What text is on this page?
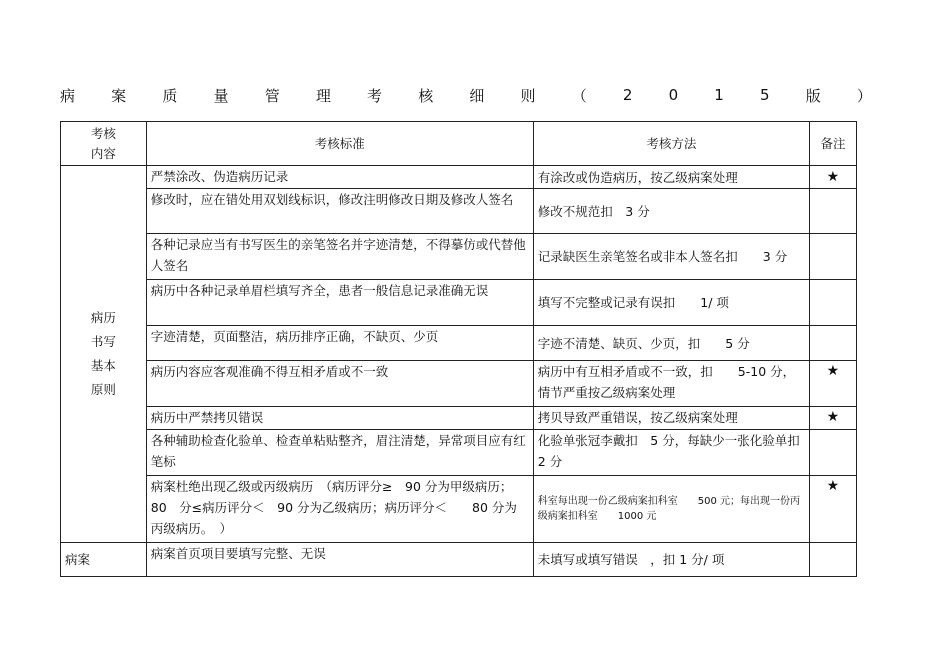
病 案 质 量 管 理 考 核 细 则 （ 2 0 1 5 版 ）
考核
内容	考核标准	考核方法	备注
病历
书写
基本
原则	严禁涂改、伪造病历记录	有涂改或伪造病历，按乙级病案处理	★
	修改时，应在错处用双划线标识，修改注明修改日期及修改人签名	修改不规范扣　3 分	
	各种记录应当有书写医生的亲笔签名并字迹清楚，不得摹仿或代替他人签名	记录缺医生亲笔签名或非本人签名扣　　3 分	
	病历中各种记录单眉栏填写齐全，患者一般信息记录准确无误	填写不完整或记录有误扣　　1/ 项	
	字迹清楚，页面整洁，病历排序正确，不缺页、少页	字迹不清楚、缺页、少页，扣　　5 分	
	病历内容应客观准确不得互相矛盾或不一致	病历中有互相矛盾或不一致，扣　　5-10 分，情节严重按乙级病案处理	★
	病历中严禁拷贝错误	拷贝导致严重错误，按乙级病案处理	★
	各种辅助检查化验单、检查单粘贴整齐，眉注清楚，异常项目应有红笔标	化验单张冠李戴扣　5 分，每缺少一张化验单扣　2 分	
	病案杜绝出现乙级或丙级病历　（病历评分≥　90 分为甲级病历；　80　分≤病历评分＜　90 分为乙级病历；病历评分＜　　80 分为丙级病历。　）	科室每出现一份乙级病案扣科室　　500 元；每出现一份丙级病案扣科室　　1000 元	★
病案	病案首页项目要填写完整、无误	未填写或填写错误　，扣 1 分/ 项	
